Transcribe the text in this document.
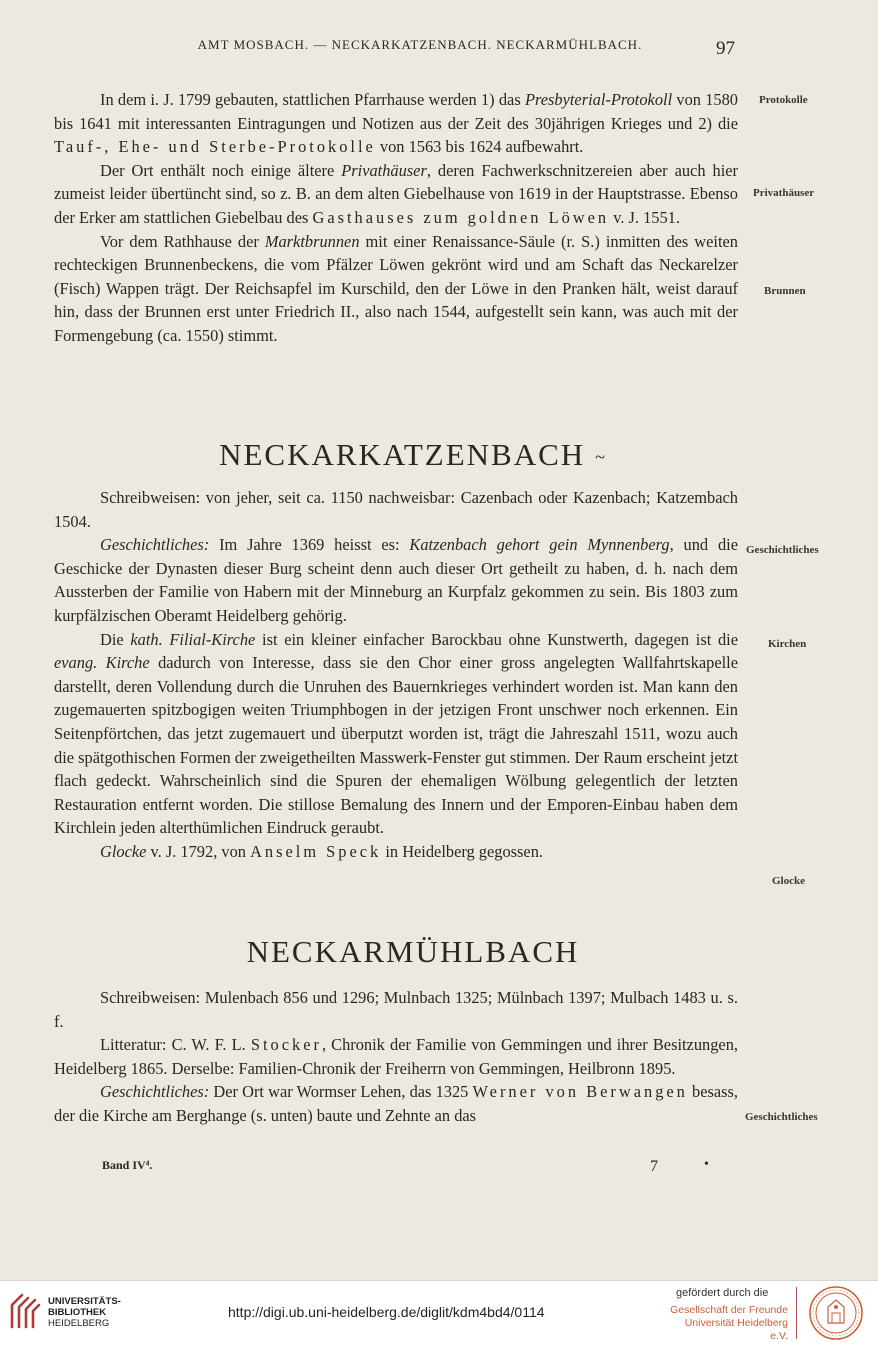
AMT MOSBACH. — NECKARKATZENBACH. NECKARMÜHLBACH.	97

In dem i. J. 1799 gebauten, stattlichen Pfarrhause werden 1) das Presbyterial-Protokoll von 1580 bis 1641 mit interessanten Eintragungen und Notizen aus der Zeit des 30jährigen Krieges und 2) die Tauf-, Ehe- und Sterbe-Protokolle von 1563 bis 1624 aufbewahrt.

Der Ort enthält noch einige ältere Privathäuser, deren Fachwerkschnitzereien aber auch hier zumeist leider übertüncht sind, so z. B. an dem alten Giebelhause von 1619 in der Hauptstrasse. Ebenso der Erker am stattlichen Giebelbau des Gasthauses zum goldnen Löwen v. J. 1551.

Vor dem Rathhause der Marktbrunnen mit einer Renaissance-Säule (r. S.) inmitten des weiten rechteckigen Brunnenbeckens, die vom Pfälzer Löwen gekrönt wird und am Schaft das Neckarelzer (Fisch) Wappen trägt. Der Reichsapfel im Kurschild, den der Löwe in den Pranken hält, weist darauf hin, dass der Brunnen erst unter Friedrich II., also nach 1544, aufgestellt sein kann, was auch mit der Formengebung (ca. 1550) stimmt.

NECKARKATZENBACH ~

Schreibweisen: von jeher, seit ca. 1150 nachweisbar: Cazenbach oder Kazenbach; Katzembach 1504.

Geschichtliches: Im Jahre 1369 heisst es: Katzenbach gehort gein Mynnenberg, und die Geschicke der Dynasten dieser Burg scheint denn auch dieser Ort getheilt zu haben, d. h. nach dem Aussterben der Familie von Habern mit der Minneburg an Kurpfalz gekommen zu sein. Bis 1803 zum kurpfälzischen Oberamt Heidelberg gehörig.

Die kath. Filial-Kirche ist ein kleiner einfacher Barockbau ohne Kunstwerth, dagegen ist die evang. Kirche dadurch von Interesse, dass sie den Chor einer gross angelegten Wallfahrtskapelle darstellt, deren Vollendung durch die Unruhen des Bauernkrieges verhindert worden ist. Man kann den zugemauerten spitzbogigen weiten Triumphbogen in der jetzigen Front unschwer noch erkennen. Ein Seitenpförtchen, das jetzt zugemauert und überputzt worden ist, trägt die Jahreszahl 1511, wozu auch die spätgothischen Formen der zweigetheilten Masswerk-Fenster gut stimmen. Der Raum erscheint jetzt flach gedeckt. Wahrscheinlich sind die Spuren der ehemaligen Wölbung gelegentlich der letzten Restauration entfernt worden. Die stillose Bemalung des Innern und der Emporen-Einbau haben dem Kirchlein jeden alterthümlichen Eindruck geraubt.

Glocke v. J. 1792, von Anselm Speck in Heidelberg gegossen.

NECKARMÜHLBACH

Schreibweisen: Mulenbach 856 und 1296; Mulnbach 1325; Mülnbach 1397; Mulbach 1483 u. s. f.

Litteratur: C. W. F. L. Stocker, Chronik der Familie von Gemmingen und ihrer Besitzungen, Heidelberg 1865. Derselbe: Familien-Chronik der Freiherrn von Gemmingen, Heilbronn 1895.

Geschichtliches: Der Ort war Wormser Lehen, das 1325 Werner von Berwangen besass, der die Kirche am Berghange (s. unten) baute und Zehnte an das

Protokolle
Privathäuser
Brunnen
Geschichtliches
Kirchen
Glocke
Geschichtliches
Band IV⁴.	7	•
UNIVERSITÄTS-
BIBLIOTHEK
HEIDELBERG
http://digi.ub.uni-heidelberg.de/diglit/kdm4bd4/0114
gefördert durch die
Gesellschaft der Freunde
Universität Heidelberg e.V.
